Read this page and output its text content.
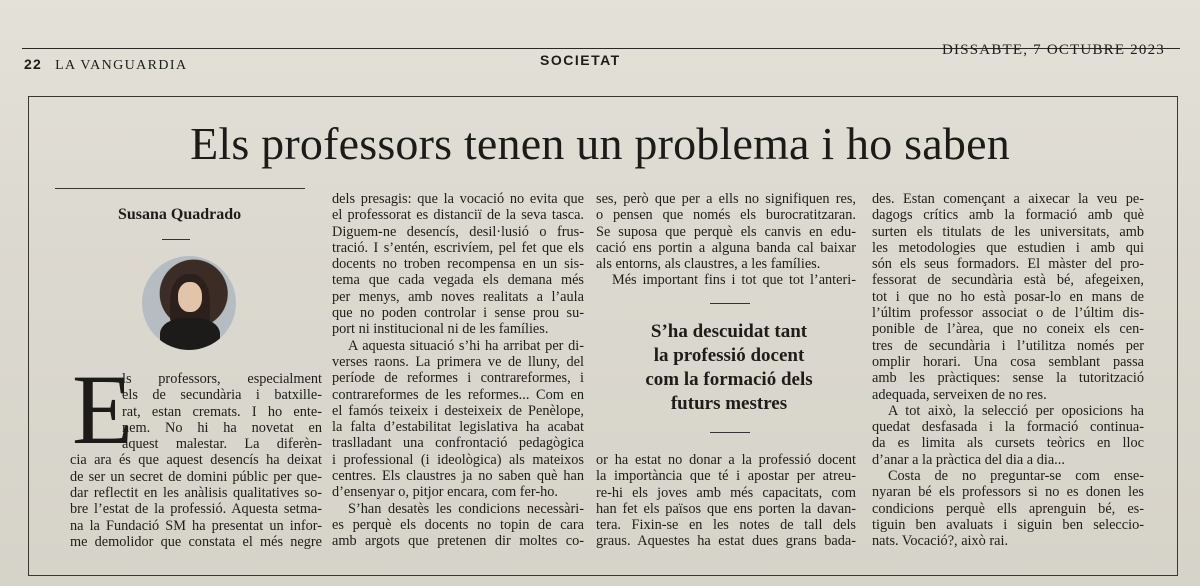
22 LA VANGUARDIA	SOCIETAT
DISSABTE, 7 OCTUBRE 2023
Els professors tenen un problema i ho saben
Susana Quadrado
E
ls professors, especialment
els de secundària i batxille-
rat, estan cremats. I ho ente-
nem. No hi ha novetat en
aquest malestar. La diferèn-
cia ara és que aquest desencís ha deixat
de ser un secret de domini públic per que-
dar reflectit en les anàlisis qualitatives so-
bre l’estat de la professió. Aquesta setma-
na la Fundació SM ha presentat un infor-
me demolidor que constata el més negre
dels presagis: que la vocació no evita que
el professorat es distanciï de la seva tasca.
Diguem-ne desencís, desil·lusió o frus-
tració. I s’entén, escrivíem, pel fet que els
docents no troben recompensa en un sis-
tema que cada vegada els demana més
per menys, amb noves realitats a l’aula
que no poden controlar i sense prou su-
port ni institucional ni de les famílies.
A aquesta situació s’hi ha arribat per di-
verses raons. La primera ve de lluny, del
període de reformes i contrareformes, i
contrareformes de les reformes... Com en
el famós teixeix i desteixeix de Penèlope,
la falta d’estabilitat legislativa ha acabat
traslladant una confrontació pedagògica
i professional (i ideològica) als mateixos
centres. Els claustres ja no saben què han
d’ensenyar o, pitjor encara, com fer-ho.
S’han desatès les condicions necessàri-
es perquè els docents no topin de cara
amb argots que pretenen dir moltes co-
ses, però que per a ells no signifiquen res,
o pensen que només els burocratitzaran.
Se suposa que perquè els canvis en edu-
cació ens portin a alguna banda cal baixar
als entorns, als claustres, a les famílies.
Més important fins i tot que tot l’anteri-
S’ha descuidat tant
la professió docent
com la formació dels
futurs mestres
or ha estat no donar a la professió docent
la importància que té i apostar per atreu-
re-hi els joves amb més capacitats, com
han fet els països que ens porten la davan-
tera. Fixin-se en les notes de tall dels
graus. Aquestes ha estat dues grans bada-
des. Estan començant a aixecar la veu pe-
dagogs crítics amb la formació amb què
surten els titulats de les universitats, amb
les metodologies que estudien i amb qui
són els seus formadors. El màster del pro-
fessorat de secundària està bé, afegeixen,
tot i que no ho està posar-lo en mans de
l’últim professor associat o de l’últim dis-
ponible de l’àrea, que no coneix els cen-
tres de secundària i l’utilitza només per
omplir horari. Una cosa semblant passa
amb les pràctiques: sense la tutorització
adequada, serveixen de no res.
A tot això, la selecció per oposicions ha
quedat desfasada i la formació continua-
da es limita als cursets teòrics en lloc
d’anar a la pràctica del dia a dia...
Costa de no preguntar-se com ense-
nyaran bé els professors si no es donen les
condicions perquè ells aprenguin bé, es-
tiguin ben avaluats i siguin ben seleccio-
nats. Vocació?, això rai.
